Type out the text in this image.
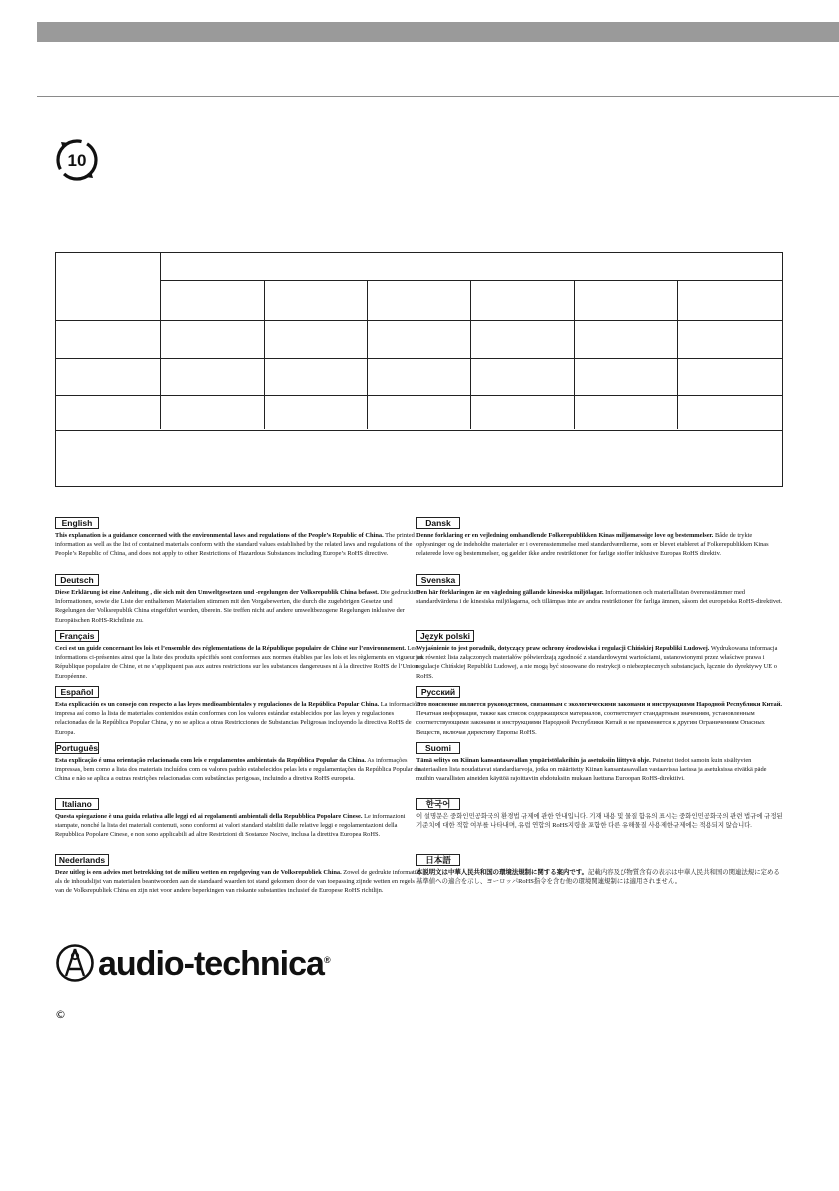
10
English
This explanation is a guidance concerned with the environmental laws and regulations of the People’s Republic of China. The printed information as well as the list of contained materials conform with the standard values established by the related laws and regulations of the People’s Republic of China, and does not apply to other Restrictions of Hazardous Substances including Europe’s RoHS directive.
Deutsch
Diese Erklärung ist eine Anleitung , die sich mit den Umweltgesetzen und -regelungen der Volksrepublik China befasst. Die gedruckten Informationen, sowie die Liste der enthaltenen Materialien stimmen mit den Vorgabewerten, die durch die zugehörigen Gesetze und Regelungen der Volksrepublik China eingeführt wurden, überein. Sie treffen nicht auf andere umweltbezogene Regelungen inklusive der Europäischen RoHS-Richtlinie zu.
Français
Ceci est un guide concernant les lois et l’ensemble des réglementations de la République populaire de Chine sur l’environnement. Les informations ci-présentes ainsi que la liste des produits spécifiés sont conformes aux normes établies par les lois et les règlements en vigueur en République populaire de Chine, et ne s’appliquent pas aux autres restrictions sur les substances dangereuses ni à la directive RoHS de l’Union Européenne.
Español
Esta explicación es un consejo con respecto a las leyes medioambientales y regulaciones de la República Popular China. La información impresa así como la lista de materiales contenidos están conformes con los valores estándar establecidos por las leyes y regulaciones relacionadas de la República Popular China, y no se aplica a otras Restricciones de Substancias Peligrosas incluyendo la directiva RoHS de Europa.
Português
Esta explicação é uma orientação relacionada com leis e regulamentos ambientais da República Popular da China. As informações impressas, bem como a lista dos materiais incluídos com os valores padrão estabelecidos pelas leis e regulamentações da República Popular da China e não se aplica a outras restrições relacionadas com substâncias perigosas, incluindo a diretiva RoHS europeia.
Italiano
Questa spiegazione è una guida relativa alle leggi ed ai regolamenti ambientali della Repubblica Popolare Cinese. Le informazioni stampate, nonché la lista dei materiali contenuti, sono conformi ai valori standard stabiliti dalle relative leggi e regolamentazioni della Repubblica Popolare Cinese, e non sono applicabili ad altre Restrizioni di Sostanze Nocive, inclusa la direttiva Europea RoHS.
Nederlands
Deze uitleg is een advies met betrekking tot de milieu wetten en regelgeving van de Volksrepubliek China. Zowel de gedrukte informatie als de inhoudslijst van materialen beantwoorden aan de standaard waarden tot stand gekomen door de van toepassing zijnde wetten en regels van de Volksrepubliek China en zijn niet voor andere beperkingen van riskante substanties inclusief de Europese RoHS richtlijn.
Dansk
Denne forklaring er en vejledning omhandlende Folkerepublikken Kinas miljømæssige love og bestemmelser. Både de trykte oplysninger og de indeholdte materialer er i overensstemmelse med standardværdierne, som er blevet etableret af Folkerepublikken Kinas relaterede love og bestemmelser, og gælder ikke andre restriktioner for farlige stoffer inklusive Europas RoHS direktiv.
Svenska
Den här förklaringen är en vägledning gällande kinesiska miljölagar. Informationen och materiallistan överensstämmer med standardvärdena i de kinesiska miljölagarna, och tillämpas inte av andra restriktioner för farliga ämnen, såsom det europeiska RoHS-direktivet.
Język polski
Wyjaśnienie to jest poradnik, dotyczący praw ochrony środowiska i regulacji Chińskiej Republiki Ludowej. Wydrukowana informacja jak również lista załączonych materiałów półwierdzają zgodność z standardowymi wartościami, ustanowionymi przez właściwe prawa i regulacje Chińskiej Republiki Ludowej, a nie mogą być stosowane do restrykcji o niebezpiecznych substancjach, łącznie do dyrektywy UE o RoHS.
Русский
Это пояснение является руководством, связанным с экологическими законами и инструкциями Народной Республики Китай. Печатная информация, также как список содержащихся материалов, соответствует стандартным значениям, установленным соответствующими законами и инструкциями Народной Республики Китай и не применяется к другим Ограничениям Опасных Веществ, включая директиву Европы RoHS.
Suomi
Tämä selitys on Kiinan kansantasavallan ympäristölakeihin ja asetuksiin liittyvä ohje. Painetut tiedot samoin kuin sisältyvien materiaalien lista noudattavat standardiarvoja, jotka on määritetty Kiinan kansantasavallan vastaavissa laeissa ja asetuksissa eivätkä päde muihin vaarallisten aineiden käyttöä rajoittaviin ehdotuksiin mukaan luettuna Euroopan RoHS-direktiivi.
한국어
이 설명문은 중화인민공화국의 환경법 규제에 관한 안내입니다. 기재 내용 및 물질 함유의 표시는 중화인민공화국의 관련 법규에 규정된 기준치에 대한 적합 여부를 나타내며, 유럽 연합의 RoHS지령을 포함한 다른 유해물질 사용제한규제에는 적용되지 않습니다.
日本語
本説明文は中華人民共和国の環境法規制に関する案内です。記載内容及び物質含有の表示は中華人民共和国の関連法規に定める基準値への適合を示し、ヨーロッパRoHS指令を含む他の環境関連規制には適用されません。
audio-technica®
©
